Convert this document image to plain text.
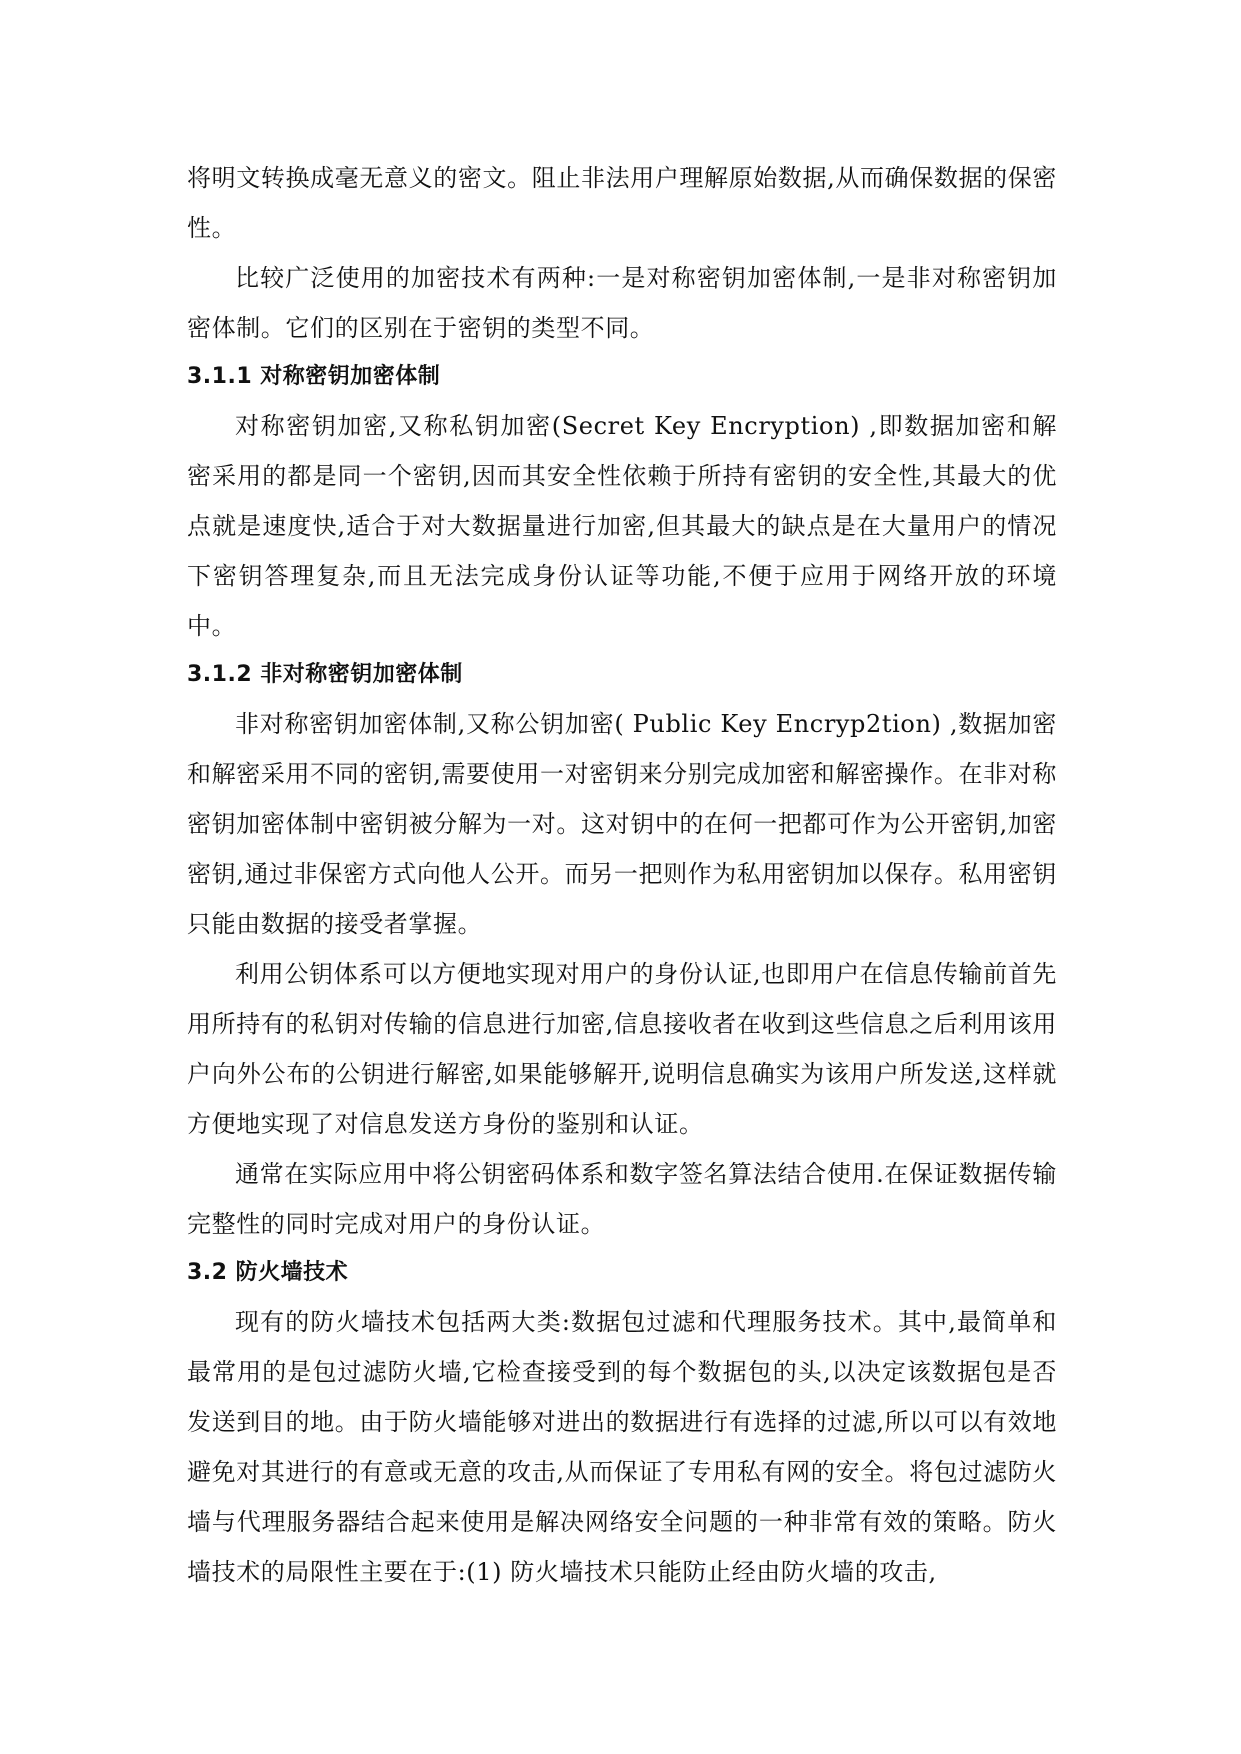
将明文转换成毫无意义的密文。阻止非法用户理解原始数据,从而确保数据的保密性。

比较广泛使用的加密技术有两种:一是对称密钥加密体制,一是非对称密钥加密体制。它们的区别在于密钥的类型不同。

3.1.1 对称密钥加密体制

对称密钥加密,又称私钥加密(Secret Key Encryption) ,即数据加密和解密采用的都是同一个密钥,因而其安全性依赖于所持有密钥的安全性,其最大的优点就是速度快,适合于对大数据量进行加密,但其最大的缺点是在大量用户的情况下密钥答理复杂,而且无法完成身份认证等功能,不便于应用于网络开放的环境中。

3.1.2 非对称密钥加密体制

非对称密钥加密体制,又称公钥加密( Public Key Encryp2tion) ,数据加密和解密采用不同的密钥,需要使用一对密钥来分别完成加密和解密操作。在非对称密钥加密体制中密钥被分解为一对。这对钥中的在何一把都可作为公开密钥,加密密钥,通过非保密方式向他人公开。而另一把则作为私用密钥加以保存。私用密钥只能由数据的接受者掌握。

利用公钥体系可以方便地实现对用户的身份认证,也即用户在信息传输前首先用所持有的私钥对传输的信息进行加密,信息接收者在收到这些信息之后利用该用户向外公布的公钥进行解密,如果能够解开,说明信息确实为该用户所发送,这样就方便地实现了对信息发送方身份的鉴别和认证。

通常在实际应用中将公钥密码体系和数字签名算法结合使用.在保证数据传输完整性的同时完成对用户的身份认证。

3.2 防火墙技术

现有的防火墙技术包括两大类:数据包过滤和代理服务技术。其中,最简单和最常用的是包过滤防火墙,它检查接受到的每个数据包的头,以决定该数据包是否发送到目的地。由于防火墙能够对进出的数据进行有选择的过滤,所以可以有效地避免对其进行的有意或无意的攻击,从而保证了专用私有网的安全。将包过滤防火墙与代理服务器结合起来使用是解决网络安全问题的一种非常有效的策略。防火墙技术的局限性主要在于:(1) 防火墙技术只能防止经由防火墙的攻击,
